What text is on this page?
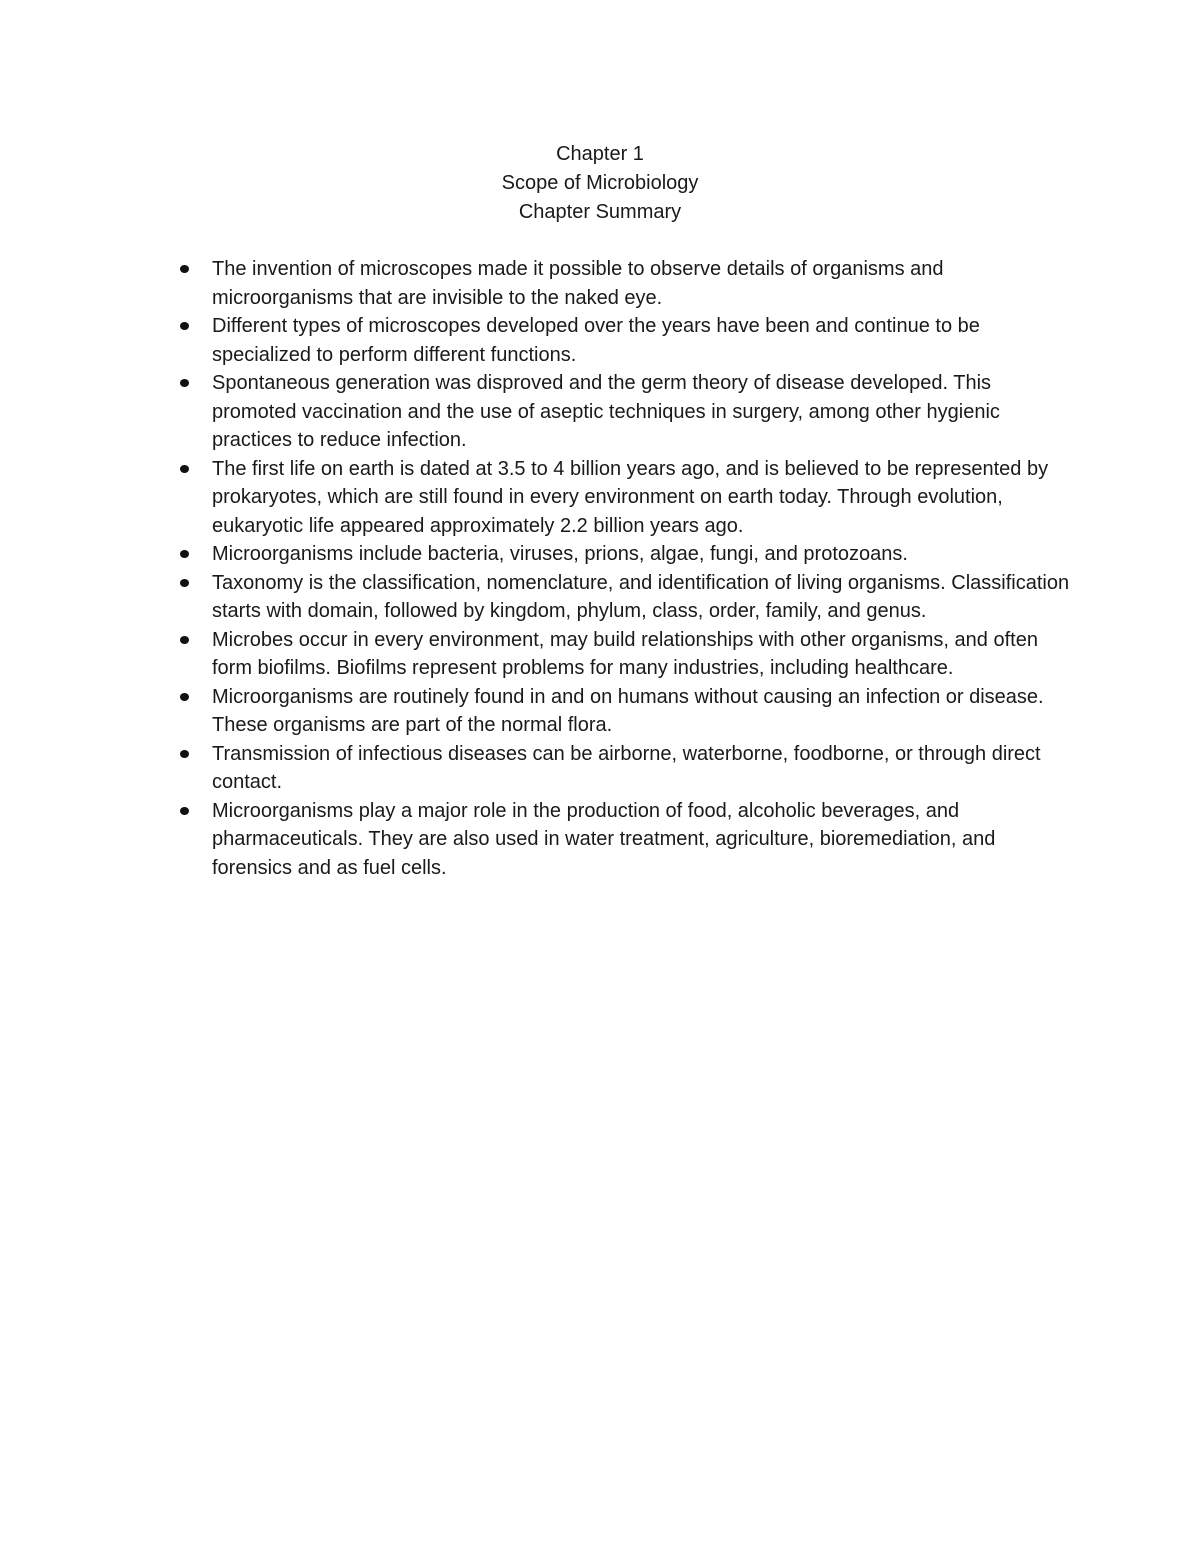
Chapter 1
Scope of Microbiology
Chapter Summary
The invention of microscopes made it possible to observe details of organisms and microorganisms that are invisible to the naked eye.
Different types of microscopes developed over the years have been and continue to be specialized to perform different functions.
Spontaneous generation was disproved and the germ theory of disease developed. This promoted vaccination and the use of aseptic techniques in surgery, among other hygienic practices to reduce infection.
The first life on earth is dated at 3.5 to 4 billion years ago, and is believed to be represented by prokaryotes, which are still found in every environment on earth today. Through evolution, eukaryotic life appeared approximately 2.2 billion years ago.
Microorganisms include bacteria, viruses, prions, algae, fungi, and protozoans.
Taxonomy is the classification, nomenclature, and identification of living organisms. Classification starts with domain, followed by kingdom, phylum, class, order, family, and genus.
Microbes occur in every environment, may build relationships with other organisms, and often form biofilms. Biofilms represent problems for many industries, including healthcare.
Microorganisms are routinely found in and on humans without causing an infection or disease. These organisms are part of the normal flora.
Transmission of infectious diseases can be airborne, waterborne, foodborne, or through direct contact.
Microorganisms play a major role in the production of food, alcoholic beverages, and pharmaceuticals. They are also used in water treatment, agriculture, bioremediation, and forensics and as fuel cells.
